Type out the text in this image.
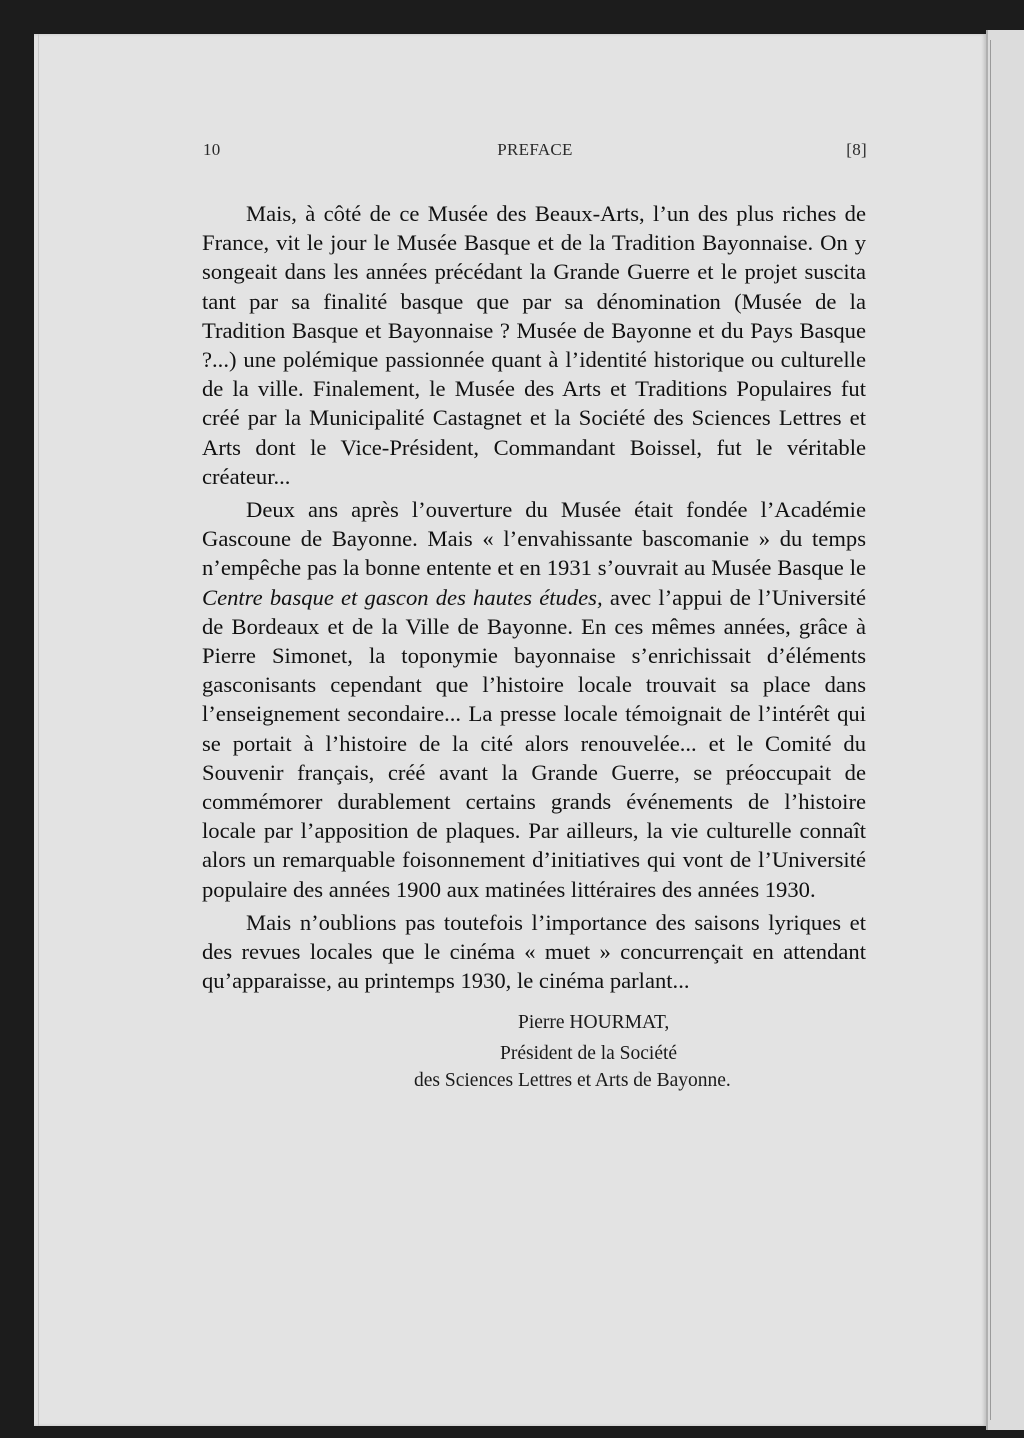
10	PREFACE	[8]

Mais, à côté de ce Musée des Beaux-Arts, l’un des plus riches de France, vit le jour le Musée Basque et de la Tradition Bayonnaise. On y songeait dans les années précédant la Grande Guerre et le projet suscita tant par sa finalité basque que par sa dénomination (Musée de la Tradition Basque et Bayonnaise ? Musée de Bayonne et du Pays Basque ?...) une polémique passionnée quant à l’identité historique ou culturelle de la ville. Finalement, le Musée des Arts et Traditions Populaires fut créé par la Municipalité Castagnet et la Société des Sciences Lettres et Arts dont le Vice-Président, Commandant Boissel, fut le véritable créateur...

Deux ans après l’ouverture du Musée était fondée l’Académie Gascoune de Bayonne. Mais « l’envahissante bascomanie » du temps n’empêche pas la bonne entente et en 1931 s’ouvrait au Musée Basque le Centre basque et gascon des hautes études, avec l’appui de l’Université de Bordeaux et de la Ville de Bayonne. En ces mêmes années, grâce à Pierre Simonet, la toponymie bayonnaise s’enrichissait d’éléments gasconisants cependant que l’histoire locale trouvait sa place dans l’enseignement secondaire... La presse locale témoignait de l’intérêt qui se portait à l’histoire de la cité alors renouvelée... et le Comité du Souvenir français, créé avant la Grande Guerre, se préoccupait de commémorer durablement certains grands événements de l’histoire locale par l’apposition de plaques. Par ailleurs, la vie culturelle connaît alors un remarquable foisonnement d’initiatives qui vont de l’Université populaire des années 1900 aux matinées littéraires des années 1930.

Mais n’oublions pas toutefois l’importance des saisons lyriques et des revues locales que le cinéma « muet » concurrençait en attendant qu’apparaisse, au printemps 1930, le cinéma parlant...

Pierre HOURMAT,
Président de la Société
des Sciences Lettres et Arts de Bayonne.
